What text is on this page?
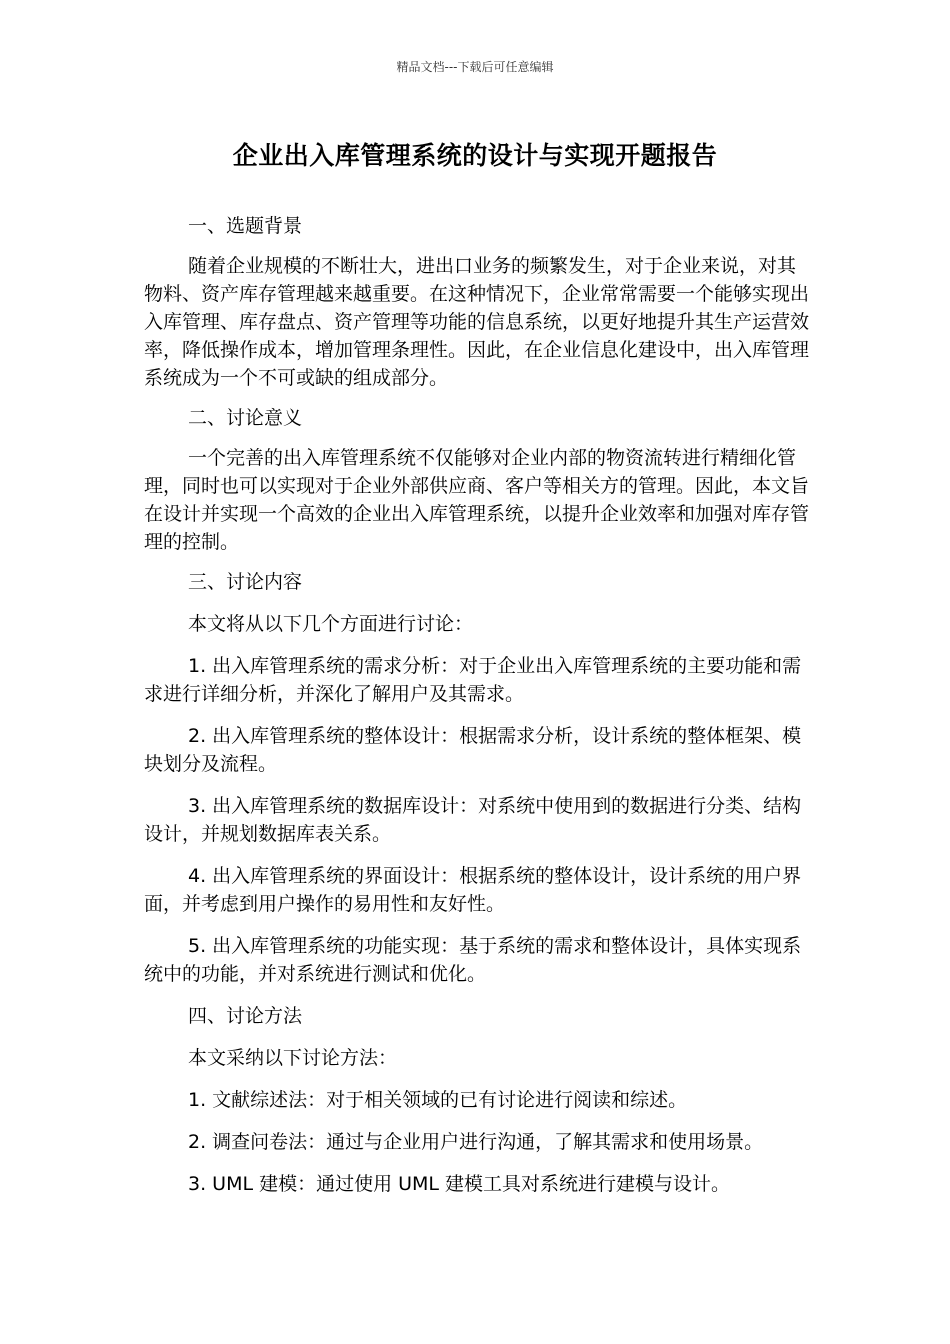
精品文档---下载后可任意编辑
企业出入库管理系统的设计与实现开题报告

一、选题背景

随着企业规模的不断壮大，进出口业务的频繁发生，对于企业来说，对其物料、资产库存管理越来越重要。在这种情况下，企业常常需要一个能够实现出入库管理、库存盘点、资产管理等功能的信息系统，以更好地提升其生产运营效率，降低操作成本，增加管理条理性。因此，在企业信息化建设中，出入库管理系统成为一个不可或缺的组成部分。

二、讨论意义

一个完善的出入库管理系统不仅能够对企业内部的物资流转进行精细化管理，同时也可以实现对于企业外部供应商、客户等相关方的管理。因此，本文旨在设计并实现一个高效的企业出入库管理系统，以提升企业效率和加强对库存管理的控制。

三、讨论内容

本文将从以下几个方面进行讨论：

1. 出入库管理系统的需求分析：对于企业出入库管理系统的主要功能和需求进行详细分析，并深化了解用户及其需求。

2. 出入库管理系统的整体设计：根据需求分析，设计系统的整体框架、模块划分及流程。

3. 出入库管理系统的数据库设计：对系统中使用到的数据进行分类、结构设计，并规划数据库表关系。

4. 出入库管理系统的界面设计：根据系统的整体设计，设计系统的用户界面，并考虑到用户操作的易用性和友好性。

5. 出入库管理系统的功能实现：基于系统的需求和整体设计，具体实现系统中的功能，并对系统进行测试和优化。

四、讨论方法

本文采纳以下讨论方法：

1. 文献综述法：对于相关领域的已有讨论进行阅读和综述。

2. 调查问卷法：通过与企业用户进行沟通，了解其需求和使用场景。

3. UML 建模：通过使用 UML 建模工具对系统进行建模与设计。
